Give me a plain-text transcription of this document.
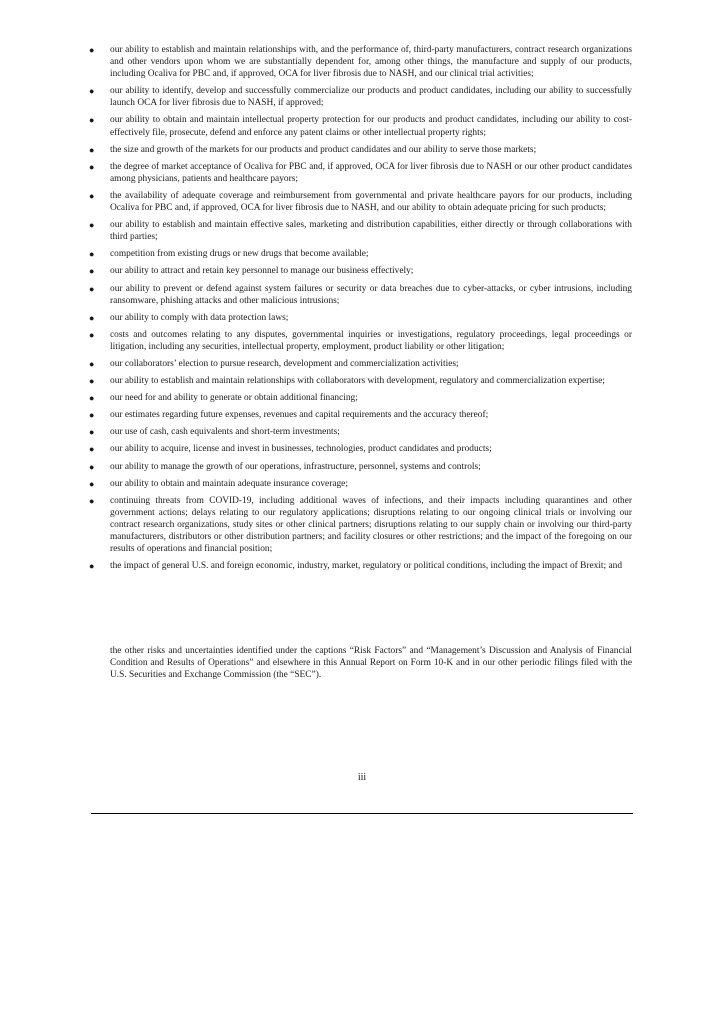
● our ability to establish and maintain relationships with, and the performance of, third-party manufacturers, contract research organizations and other vendors upon whom we are substantially dependent for, among other things, the manufacture and supply of our products, including Ocaliva for PBC and, if approved, OCA for liver fibrosis due to NASH, and our clinical trial activities;
● our ability to identify, develop and successfully commercialize our products and product candidates, including our ability to successfully launch OCA for liver fibrosis due to NASH, if approved;
● our ability to obtain and maintain intellectual property protection for our products and product candidates, including our ability to cost-effectively file, prosecute, defend and enforce any patent claims or other intellectual property rights;
● the size and growth of the markets for our products and product candidates and our ability to serve those markets;
● the degree of market acceptance of Ocaliva for PBC and, if approved, OCA for liver fibrosis due to NASH or our other product candidates among physicians, patients and healthcare payors;
● the availability of adequate coverage and reimbursement from governmental and private healthcare payors for our products, including Ocaliva for PBC and, if approved, OCA for liver fibrosis due to NASH, and our ability to obtain adequate pricing for such products;
● our ability to establish and maintain effective sales, marketing and distribution capabilities, either directly or through collaborations with third parties;
● competition from existing drugs or new drugs that become available;
● our ability to attract and retain key personnel to manage our business effectively;
● our ability to prevent or defend against system failures or security or data breaches due to cyber-attacks, or cyber intrusions, including ransomware, phishing attacks and other malicious intrusions;
● our ability to comply with data protection laws;
● costs and outcomes relating to any disputes, governmental inquiries or investigations, regulatory proceedings, legal proceedings or litigation, including any securities, intellectual property, employment, product liability or other litigation;
● our collaborators’ election to pursue research, development and commercialization activities;
● our ability to establish and maintain relationships with collaborators with development, regulatory and commercialization expertise;
● our need for and ability to generate or obtain additional financing;
● our estimates regarding future expenses, revenues and capital requirements and the accuracy thereof;
● our use of cash, cash equivalents and short-term investments;
● our ability to acquire, license and invest in businesses, technologies, product candidates and products;
● our ability to manage the growth of our operations, infrastructure, personnel, systems and controls;
● our ability to obtain and maintain adequate insurance coverage;
● continuing threats from COVID-19, including additional waves of infections, and their impacts including quarantines and other government actions; delays relating to our regulatory applications; disruptions relating to our ongoing clinical trials or involving our contract research organizations, study sites or other clinical partners; disruptions relating to our supply chain or involving our third-party manufacturers, distributors or other distribution partners; and facility closures or other restrictions; and the impact of the foregoing on our results of operations and financial position;
● the impact of general U.S. and foreign economic, industry, market, regulatory or political conditions, including the impact of Brexit; and

the other risks and uncertainties identified under the captions “Risk Factors” and “Management’s Discussion and Analysis of Financial Condition and Results of Operations” and elsewhere in this Annual Report on Form 10-K and in our other periodic filings filed with the U.S. Securities and Exchange Commission (the “SEC”).

iii
